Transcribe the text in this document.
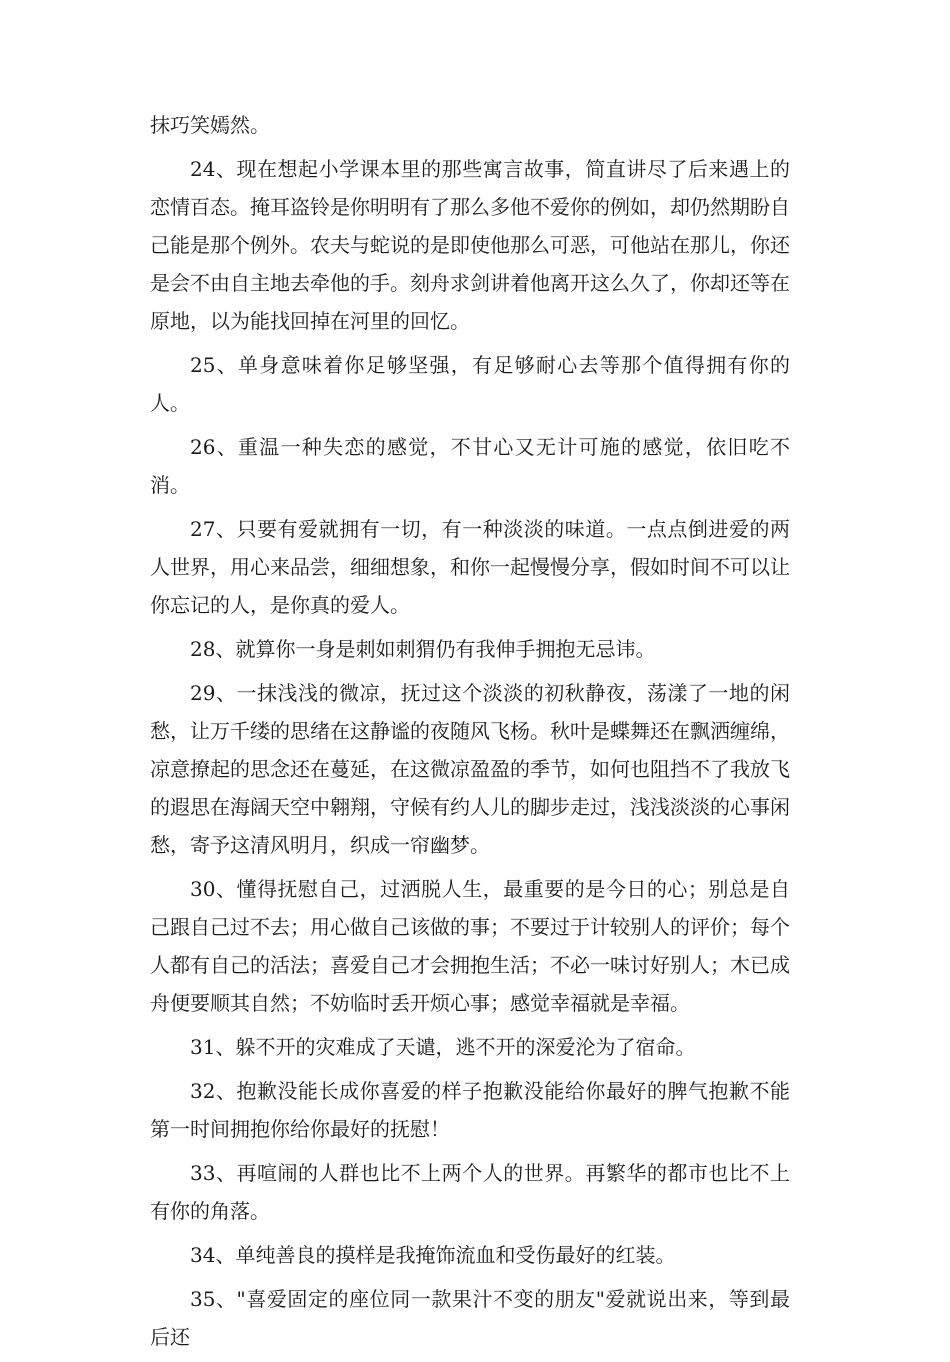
抹巧笑嫣然。

24、现在想起小学课本里的那些寓言故事，简直讲尽了后来遇上的恋情百态。掩耳盗铃是你明明有了那么多他不爱你的例如，却仍然期盼自己能是那个例外。农夫与蛇说的是即使他那么可恶，可他站在那儿，你还是会不由自主地去牵他的手。刻舟求剑讲着他离开这么久了，你却还等在原地，以为能找回掉在河里的回忆。

25、单身意味着你足够坚强，有足够耐心去等那个值得拥有你的人。

26、重温一种失恋的感觉，不甘心又无计可施的感觉，依旧吃不消。

27、只要有爱就拥有一切，有一种淡淡的味道。一点点倒进爱的两人世界，用心来品尝，细细想象，和你一起慢慢分享，假如时间不可以让你忘记的人，是你真的爱人。

28、就算你一身是刺如刺猬仍有我伸手拥抱无忌讳。

29、一抹浅浅的微凉，抚过这个淡淡的初秋静夜，荡漾了一地的闲愁，让万千缕的思绪在这静谧的夜随风飞杨。秋叶是蝶舞还在飘洒缠绵，凉意撩起的思念还在蔓延，在这微凉盈盈的季节，如何也阻挡不了我放飞的遐思在海阔天空中翱翔，守候有约人儿的脚步走过，浅浅淡淡的心事闲愁，寄予这清风明月，织成一帘幽梦。

30、懂得抚慰自己，过洒脱人生，最重要的是今日的心；别总是自己跟自己过不去；用心做自己该做的事；不要过于计较别人的评价；每个人都有自己的活法；喜爱自己才会拥抱生活；不必一味讨好别人；木已成舟便要顺其自然；不妨临时丢开烦心事；感觉幸福就是幸福。

31、躲不开的灾难成了天谴，逃不开的深爱沦为了宿命。

32、抱歉没能长成你喜爱的样子抱歉没能给你最好的脾气抱歉不能第一时间拥抱你给你最好的抚慰！

33、再喧闹的人群也比不上两个人的世界。再繁华的都市也比不上有你的角落。

34、单纯善良的摸样是我掩饰流血和受伤最好的红装。

35、"喜爱固定的座位同一款果汁不变的朋友"爱就说出来，等到最后还
